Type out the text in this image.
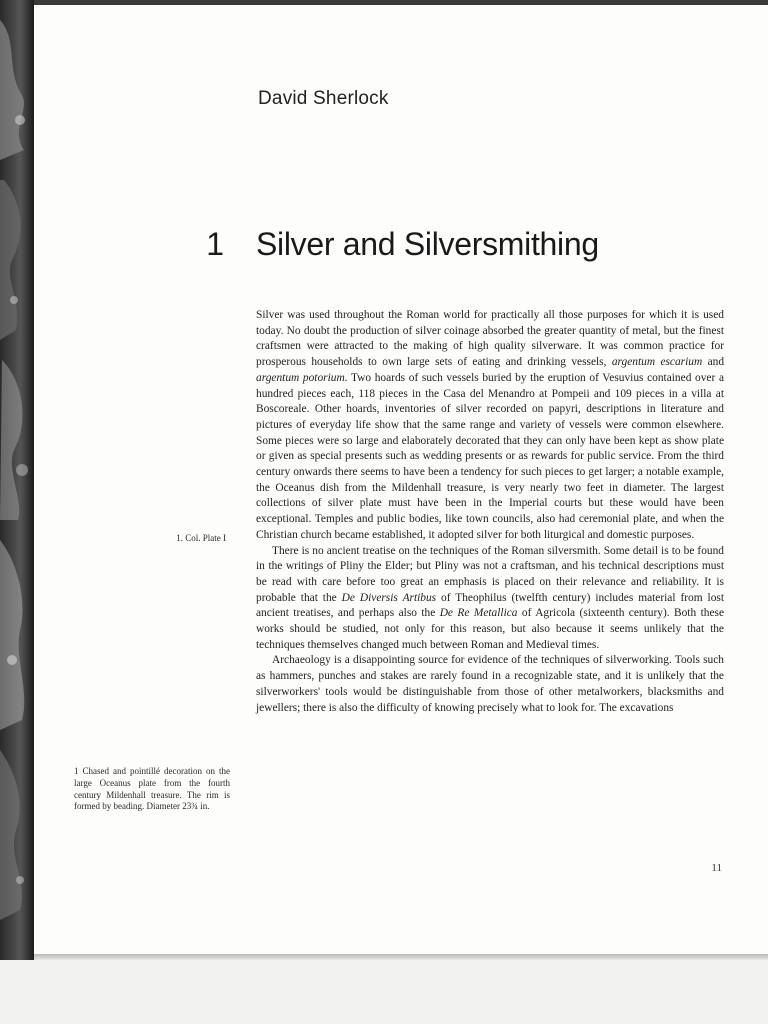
David Sherlock
1 Silver and Silversmithing
1. Col. Plate I
1 Chased and pointillé decoration on the large Oceanus plate from the fourth century Mildenhall treasure. The rim is formed by beading. Diameter 23¾ in.

Silver was used throughout the Roman world for practically all those purposes for which it is used today. No doubt the production of silver coinage absorbed the greater quantity of metal, but the finest craftsmen were attracted to the making of high quality silverware. It was common practice for prosperous households to own large sets of eating and drinking vessels, argentum escarium and argentum potorium. Two hoards of such vessels buried by the eruption of Vesuvius contained over a hundred pieces each, 118 pieces in the Casa del Menandro at Pompeii and 109 pieces in a villa at Boscoreale. Other hoards, inventories of silver recorded on papyri, descriptions in literature and pictures of everyday life show that the same range and variety of vessels were common elsewhere. Some pieces were so large and elaborately decorated that they can only have been kept as show plate or given as special presents such as wedding presents or as rewards for public service. From the third century onwards there seems to have been a tendency for such pieces to get larger; a notable example, the Oceanus dish from the Mildenhall treasure, is very nearly two feet in diameter. The largest collections of silver plate must have been in the Imperial courts but these would have been exceptional. Temples and public bodies, like town councils, also had ceremonial plate, and when the Christian church became established, it adopted silver for both liturgical and domestic purposes.

There is no ancient treatise on the techniques of the Roman silversmith. Some detail is to be found in the writings of Pliny the Elder; but Pliny was not a craftsman, and his technical descriptions must be read with care before too great an emphasis is placed on their relevance and reliability. It is probable that the De Diversis Artibus of Theophilus (twelfth century) includes material from lost ancient treatises, and perhaps also the De Re Metallica of Agricola (sixteenth century). Both these works should be studied, not only for this reason, but also because it seems unlikely that the techniques themselves changed much between Roman and Medieval times.

Archaeology is a disappointing source for evidence of the techniques of silverworking. Tools such as hammers, punches and stakes are rarely found in a recognizable state, and it is unlikely that the silverworkers' tools would be distinguishable from those of other metalworkers, blacksmiths and jewellers; there is also the difficulty of knowing precisely what to look for. The excavations

11
